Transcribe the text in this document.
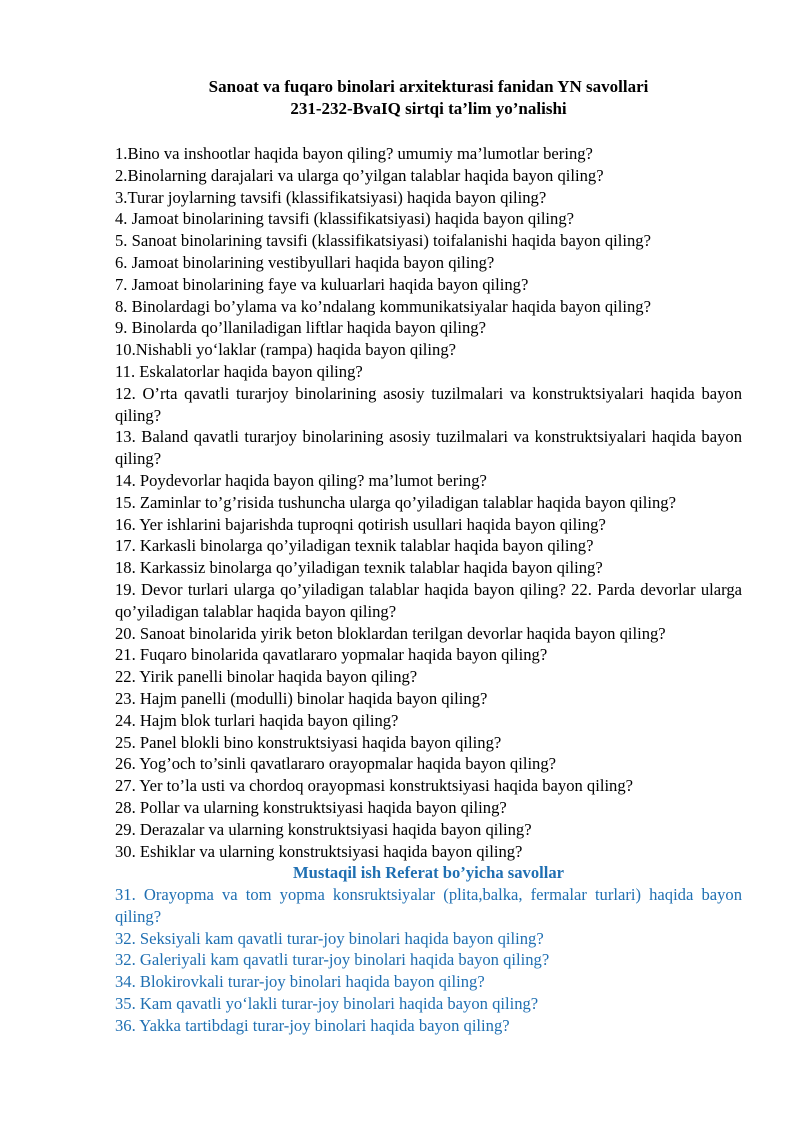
Sanoat va fuqaro binolari arxitekturasi fanidan YN savollari

231-232-BvaIQ sirtqi ta’lim yo’nalishi

1.Bino va inshootlar haqida bayon qiling? umumiy ma’lumotlar bering?

2.Binolarning darajalari va ularga qo’yilgan talablar haqida bayon qiling?

3.Turar joylarning tavsifi (klassifikatsiyasi) haqida bayon qiling?

4. Jamoat binolarining tavsifi (klassifikatsiyasi) haqida bayon qiling?

5. Sanoat binolarining tavsifi (klassifikatsiyasi) toifalanishi haqida bayon qiling?

6. Jamoat binolarining vestibyullari haqida bayon qiling?

7. Jamoat binolarining faye va kuluarlari haqida bayon qiling?

8. Binolardagi bo’ylama va ko’ndalang kommunikatsiyalar haqida bayon qiling?

9. Binolarda qo’llaniladigan liftlar haqida bayon qiling?

10.Nishabli yo‘laklar (rampa) haqida bayon qiling?

11. Eskalatorlar haqida bayon qiling?

12. O’rta qavatli turarjoy binolarining asosiy tuzilmalari va konstruktsiyalari haqida bayon qiling?

13. Baland qavatli turarjoy binolarining asosiy tuzilmalari va konstruktsiyalari haqida bayon qiling?

14. Poydevorlar haqida bayon qiling? ma’lumot bering?

15. Zaminlar to’g’risida tushuncha ularga qo’yiladigan talablar haqida bayon qiling?

16. Yer ishlarini bajarishda tuproqni qotirish usullari haqida bayon qiling?

17. Karkasli binolarga qo’yiladigan texnik talablar haqida bayon qiling?

18. Karkassiz binolarga qo’yiladigan texnik talablar haqida bayon qiling?

19. Devor turlari ularga qo’yiladigan talablar haqida bayon qiling? 22. Parda devorlar ularga qo’yiladigan talablar haqida bayon qiling?

20. Sanoat binolarida yirik beton bloklardan terilgan devorlar haqida bayon qiling?

21. Fuqaro binolarida qavatlararo yopmalar haqida bayon qiling?

22. Yirik panelli binolar haqida bayon qiling?

23. Hajm panelli (modulli) binolar haqida bayon qiling?

24. Hajm blok turlari haqida bayon qiling?

25. Panel blokli bino konstruktsiyasi haqida bayon qiling?

26. Yog’och to’sinli qavatlararo orayopmalar haqida bayon qiling?

27. Yer to’la usti va chordoq orayopmasi konstruktsiyasi haqida bayon qiling?

28. Pollar va ularning konstruktsiyasi haqida bayon qiling?

29. Derazalar va ularning konstruktsiyasi haqida bayon qiling?

30. Eshiklar va ularning konstruktsiyasi haqida bayon qiling?

Mustaqil ish Referat bo’yicha savollar

31. Orayopma va tom yopma konsruktsiyalar (plita,balka, fermalar turlari) haqida bayon qiling?

32. Seksiyali kam qavatli turar-joy binolari haqida bayon qiling?

32. Galeriyali kam qavatli turar-joy binolari haqida bayon qiling?

34. Blokirovkali turar-joy binolari haqida bayon qiling?

35. Kam qavatli yo‘lakli turar-joy binolari haqida bayon qiling?

36. Yakka tartibdagi turar-joy binolari haqida bayon qiling?
